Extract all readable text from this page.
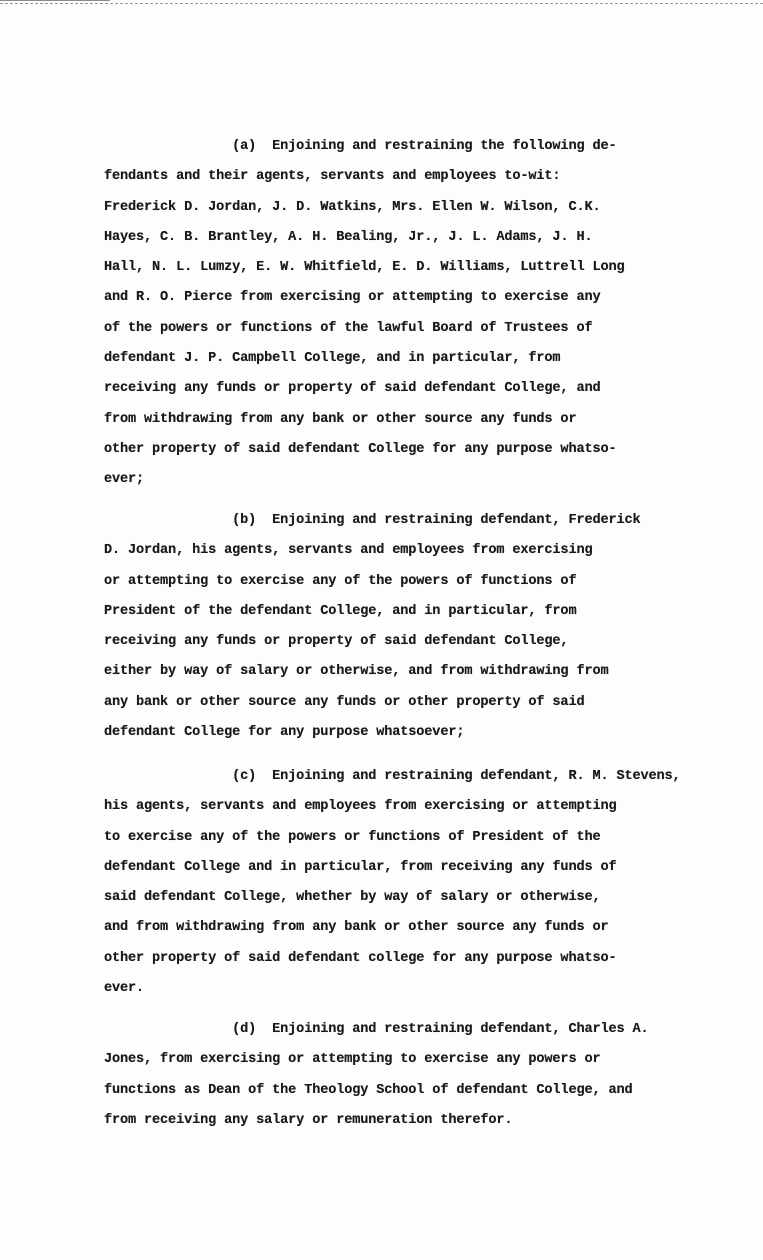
(a)  Enjoining and restraining the following de-
fendants and their agents, servants and employees to-wit:
Frederick D. Jordan, J. D. Watkins, Mrs. Ellen W. Wilson, C.K.
Hayes, C. B. Brantley, A. H. Bealing, Jr., J. L. Adams, J. H.
Hall, N. L. Lumzy, E. W. Whitfield, E. D. Williams, Luttrell Long
and R. O. Pierce from exercising or attempting to exercise any
of the powers or functions of the lawful Board of Trustees of
defendant J. P. Campbell College, and in particular, from
receiving any funds or property of said defendant College, and
from withdrawing from any bank or other source any funds or
other property of said defendant College for any purpose whatso-
ever;

(b)  Enjoining and restraining defendant, Frederick
D. Jordan, his agents, servants and employees from exercising
or attempting to exercise any of the powers of functions of
President of the defendant College, and in particular, from
receiving any funds or property of said defendant College,
either by way of salary or otherwise, and from withdrawing from
any bank or other source any funds or other property of said
defendant College for any purpose whatsoever;

(c)  Enjoining and restraining defendant, R. M. Stevens,
his agents, servants and employees from exercising or attempting
to exercise any of the powers or functions of President of the
defendant College and in particular, from receiving any funds of
said defendant College, whether by way of salary or otherwise,
and from withdrawing from any bank or other source any funds or
other property of said defendant college for any purpose whatso-
ever.

(d)  Enjoining and restraining defendant, Charles A.
Jones, from exercising or attempting to exercise any powers or
functions as Dean of the Theology School of defendant College, and
from receiving any salary or remuneration therefor.
